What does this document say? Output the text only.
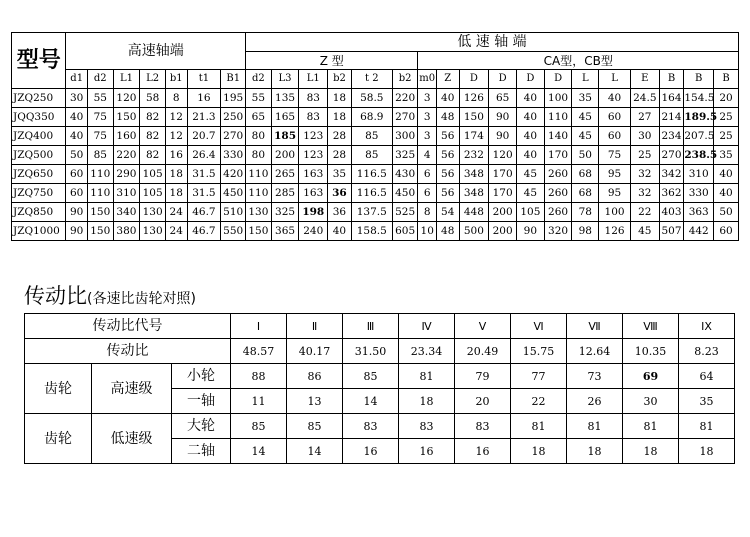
型号	高速轴端							低 速 轴 端																	
								Z 型						CA型，CB型											
	d1	d2	L1	L2	b1	t1	B1	d2	L3	L1	b2	t 2	b2	m0	Z	D	D	D	D	L	L	E	B	B	B
JZQ250	30	55	120	58	8	16	195	55	135	83	18	58.5	220	3	40	126	65	40	100	35	40	24.5	164	154.5	20
JQQ350	40	75	150	82	12	21.3	250	65	165	83	18	68.9	270	3	48	150	90	40	110	45	60	27	214	189.5	25
JZQ400	40	75	160	82	12	20.7	270	80	185	123	28	85	300	3	56	174	90	40	140	45	60	30	234	207.5	25
JZQ500	50	85	220	82	16	26.4	330	80	200	123	28	85	325	4	56	232	120	40	170	50	75	25	270	238.5	35
JZQ650	60	110	290	105	18	31.5	420	110	265	163	35	116.5	430	6	56	348	170	45	260	68	95	32	342	310	40
JZQ750	60	110	310	105	18	31.5	450	110	285	163	36	116.5	450	6	56	348	170	45	260	68	95	32	362	330	40
JZQ850	90	150	340	130	24	46.7	510	130	325	198	36	137.5	525	8	54	448	200	105	260	78	100	22	403	363	50
JZQ1000	90	150	380	130	24	46.7	550	150	365	240	40	158.5	605	10	48	500	200	90	320	98	126	45	507	442	60
传动比(各速比齿轮对照)
传动比代号			Ⅰ	Ⅱ	Ⅲ	Ⅳ	Ⅴ	Ⅵ	Ⅶ	Ⅷ	ⅠX
传动比			48.57	40.17	31.50	23.34	20.49	15.75	12.64	10.35	8.23
齿轮	高速级	小轮	88	86	85	81	79	77	73	69	64
		一轴	11	13	14	18	20	22	26	30	35
齿轮	低速级	大轮	85	85	83	83	83	81	81	81	81
		二轴	14	14	16	16	16	18	18	18	18
